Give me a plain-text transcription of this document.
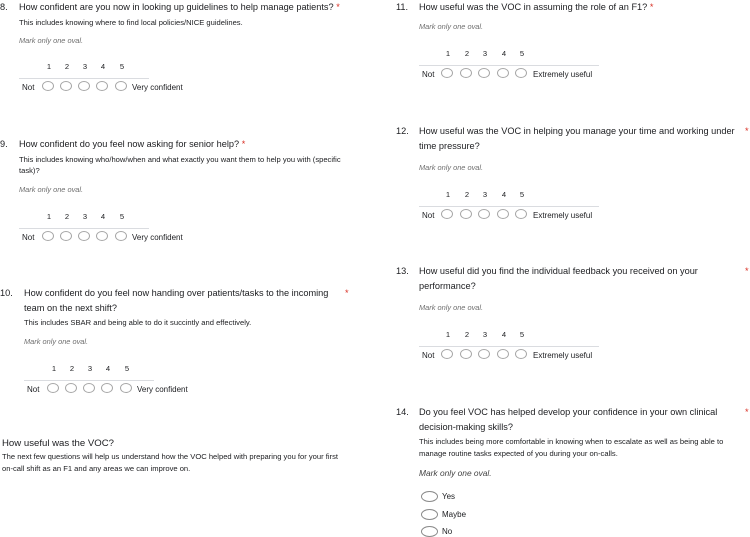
8. How confident are you now in looking up guidelines to help manage patients? *
This includes knowing where to find local policies/NICE guidelines.
Mark only one oval.
1	2	3	4	5
Not	Very confident
9. How confident do you feel now asking for senior help? *
This includes knowing who/how/when and what exactly you want them to help you with (specific task)?
Mark only one oval.
1	2	3	4	5
Not	Very confident
10. How confident do you feel now handing over patients/tasks to the incoming team on the next shift?
*
This includes SBAR and being able to do it succintly and effectively.
Mark only one oval.
1	2	3	4	5
Not	Very confident
How useful was the VOC?
The next few questions will help us understand how the VOC helped with preparing you for your first on-call shift as an F1 and any areas we can improve on.
11. How useful was the VOC in assuming the role of an F1? *
Mark only one oval.
1	2	3	4	5
Not	Extremely useful
12. How useful was the VOC in helping you manage your time and working under time pressure?
*
Mark only one oval.
1	2	3	4	5
Not	Extremely useful
13. How useful did you find the individual feedback you received on your performance?
*
Mark only one oval.
1	2	3	4	5
Not	Extremely useful
14. Do you feel VOC has helped develop your confidence in your own clinical decision-making skills?
*
This includes being more comfortable in knowing when to escalate as well as being able to manage routine tasks expected of you during your on-calls.
Mark only one oval.
Yes
Maybe
No
